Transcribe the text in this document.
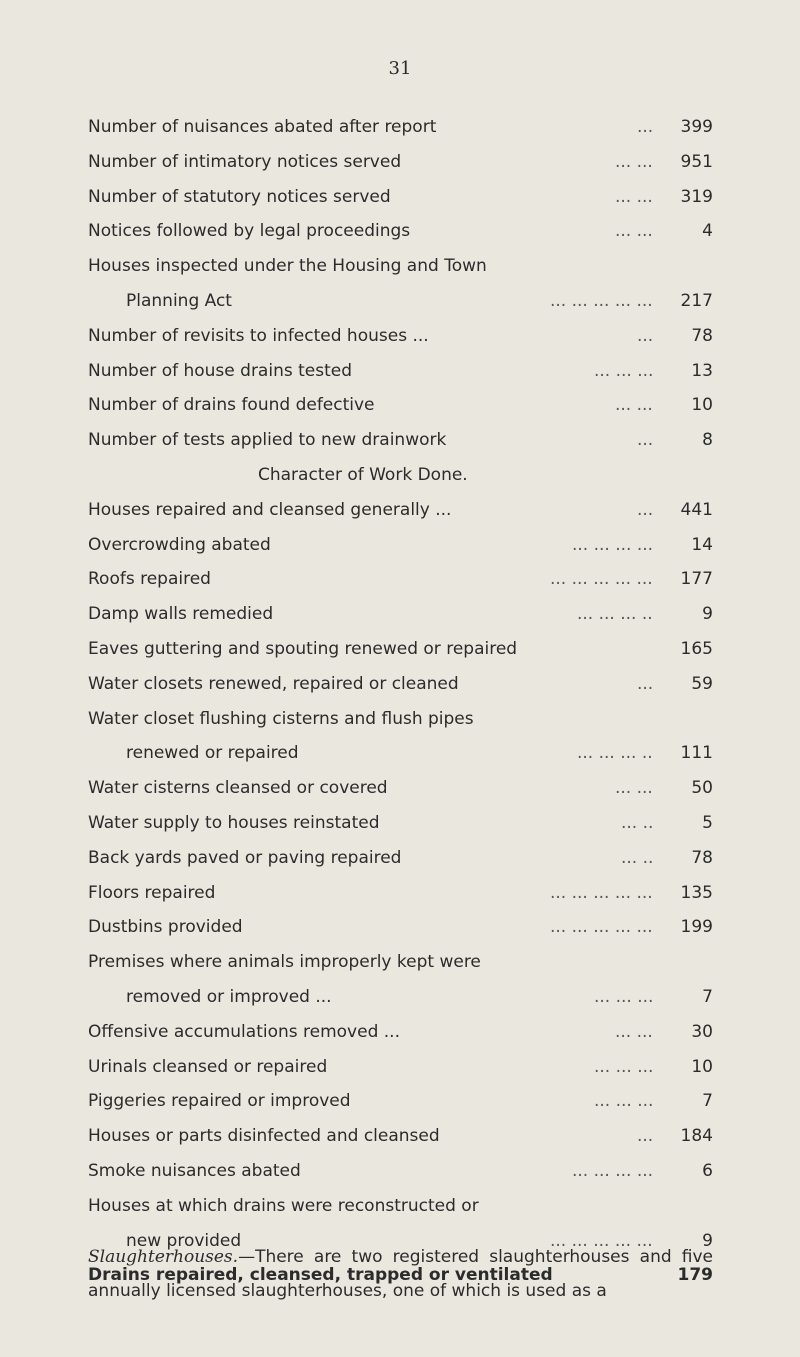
31
Number of nuisances abated after report	... 399
Number of intimatory notices served	... ... 951
Number of statutory notices served	... ... 319
Notices followed by legal proceedings	... ...	4
Houses inspected under the Housing and Town
Planning Act	... ... ... ... ... 217
Number of revisits to infected houses ...	... 78
Number of house drains tested	... ... ... 13
Number of drains found defective	... ... 10
Number of tests applied to new drainwork	...	8
Character of Work Done.
Houses repaired and cleansed generally ...	... 441
Overcrowding abated	... ... ... ... 14
Roofs repaired	... ... ... ... ... 177
Damp walls remedied	... ... ... ..	9
Eaves guttering and spouting renewed or repaired	165
Water closets renewed, repaired or cleaned	... 59
Water closet flushing cisterns and flush pipes
renewed or repaired	... ... ... .. 111
Water cisterns cleansed or covered	... ... 50
Water supply to houses reinstated	... ..	5
Back yards paved or paving repaired	... .. 78
Floors repaired	... ... ... ... ... 135
Dustbins provided	... ... ... ... ... 199
Premises where animals improperly kept were
removed or improved ...	... ... ...	7
Offensive accumulations removed ...	... ... 30
Urinals cleansed or repaired	... ... ... 10
Piggeries repaired or improved	... ... ...	7
Houses or parts disinfected and cleansed	... 184
Smoke nuisances abated	... ... ... ...	6
Houses at which drains were reconstructed or
new provided	... ... ... ... ...	9
Drains repaired, cleansed, trapped or ventilated	179
Slaughterhouses.—There are two registered slaughterhouses and five annually licensed slaughterhouses, one of which is used as a
